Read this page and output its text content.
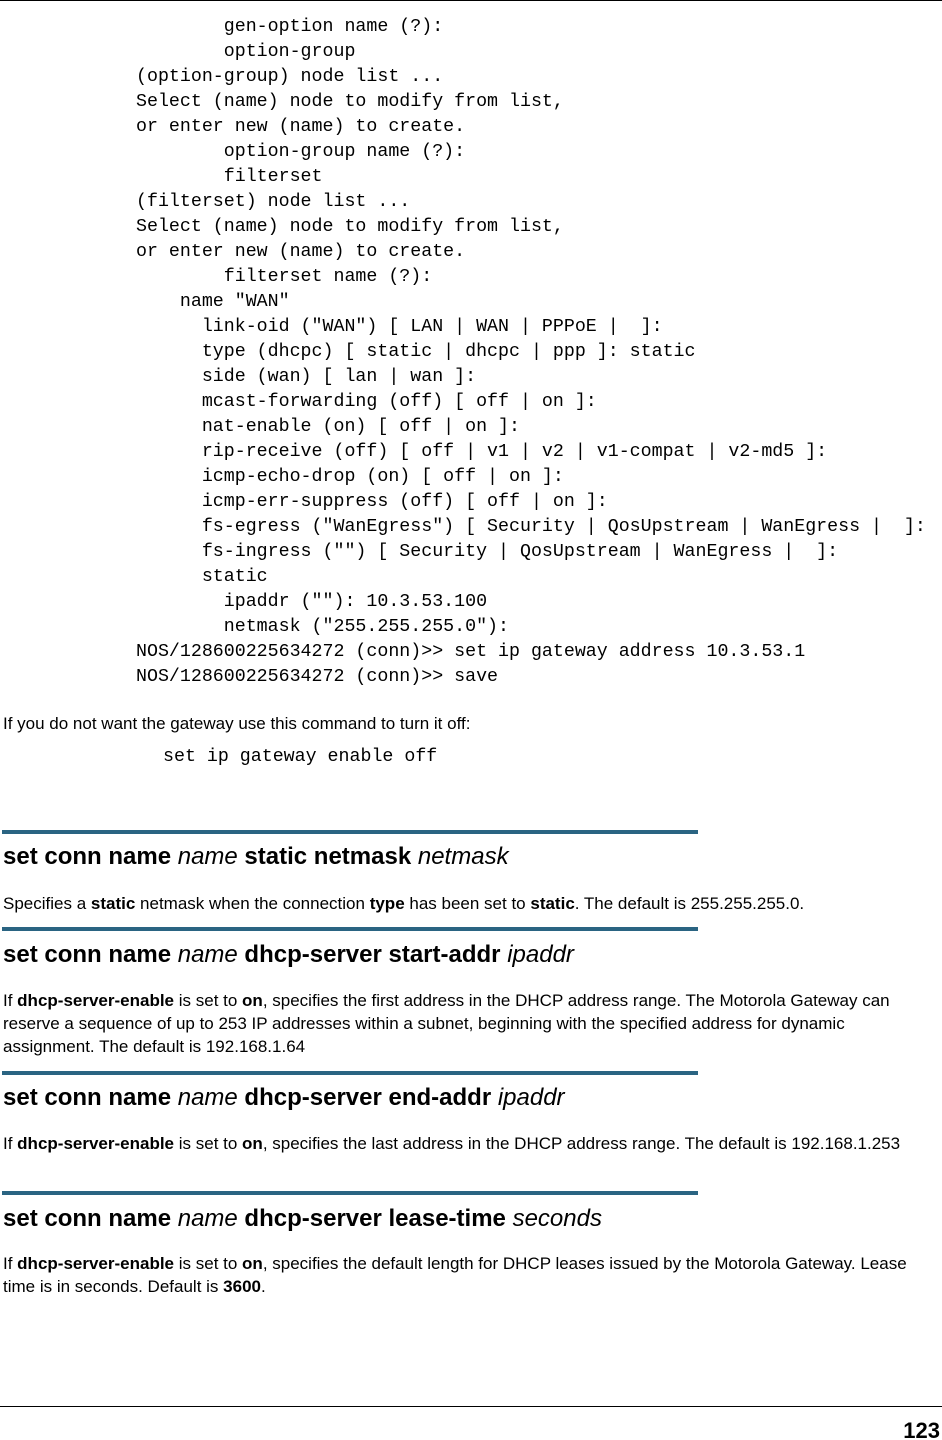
gen-option name (?):
option-group
(option-group) node list ...
Select (name) node to modify from list,
or enter new (name) to create.
option-group name (?):
filterset
(filterset) node list ...
Select (name) node to modify from list,
or enter new (name) to create.
filterset name (?):
name "WAN"
link-oid ("WAN") [ LAN | WAN | PPPoE |  ]:
type (dhcpc) [ static | dhcpc | ppp ]: static
side (wan) [ lan | wan ]:
mcast-forwarding (off) [ off | on ]:
nat-enable (on) [ off | on ]:
rip-receive (off) [ off | v1 | v2 | v1-compat | v2-md5 ]:
icmp-echo-drop (on) [ off | on ]:
icmp-err-suppress (off) [ off | on ]:
fs-egress ("WanEgress") [ Security | QosUpstream | WanEgress |  ]:
fs-ingress ("") [ Security | QosUpstream | WanEgress |  ]:
static
ipaddr (""): 10.3.53.100
netmask ("255.255.255.0"):
NOS/128600225634272 (conn)>> set ip gateway address 10.3.53.1
NOS/128600225634272 (conn)>> save
If you do not want the gateway use this command to turn it off:
set ip gateway enable off
set conn name name static netmask netmask
Specifies a static netmask when the connection type has been set to static. The default is 255.255.255.0.
set conn name name dhcp-server start-addr ipaddr
If dhcp-server-enable is set to on, specifies the first address in the DHCP address range. The Motorola Gateway can reserve a sequence of up to 253 IP addresses within a subnet, beginning with the specified address for dynamic assignment. The default is 192.168.1.64
set conn name name dhcp-server end-addr ipaddr
If dhcp-server-enable is set to on, specifies the last address in the DHCP address range. The default is 192.168.1.253
set conn name name dhcp-server lease-time seconds
If dhcp-server-enable is set to on, specifies the default length for DHCP leases issued by the Motorola Gateway. Lease time is in seconds. Default is 3600.
123
